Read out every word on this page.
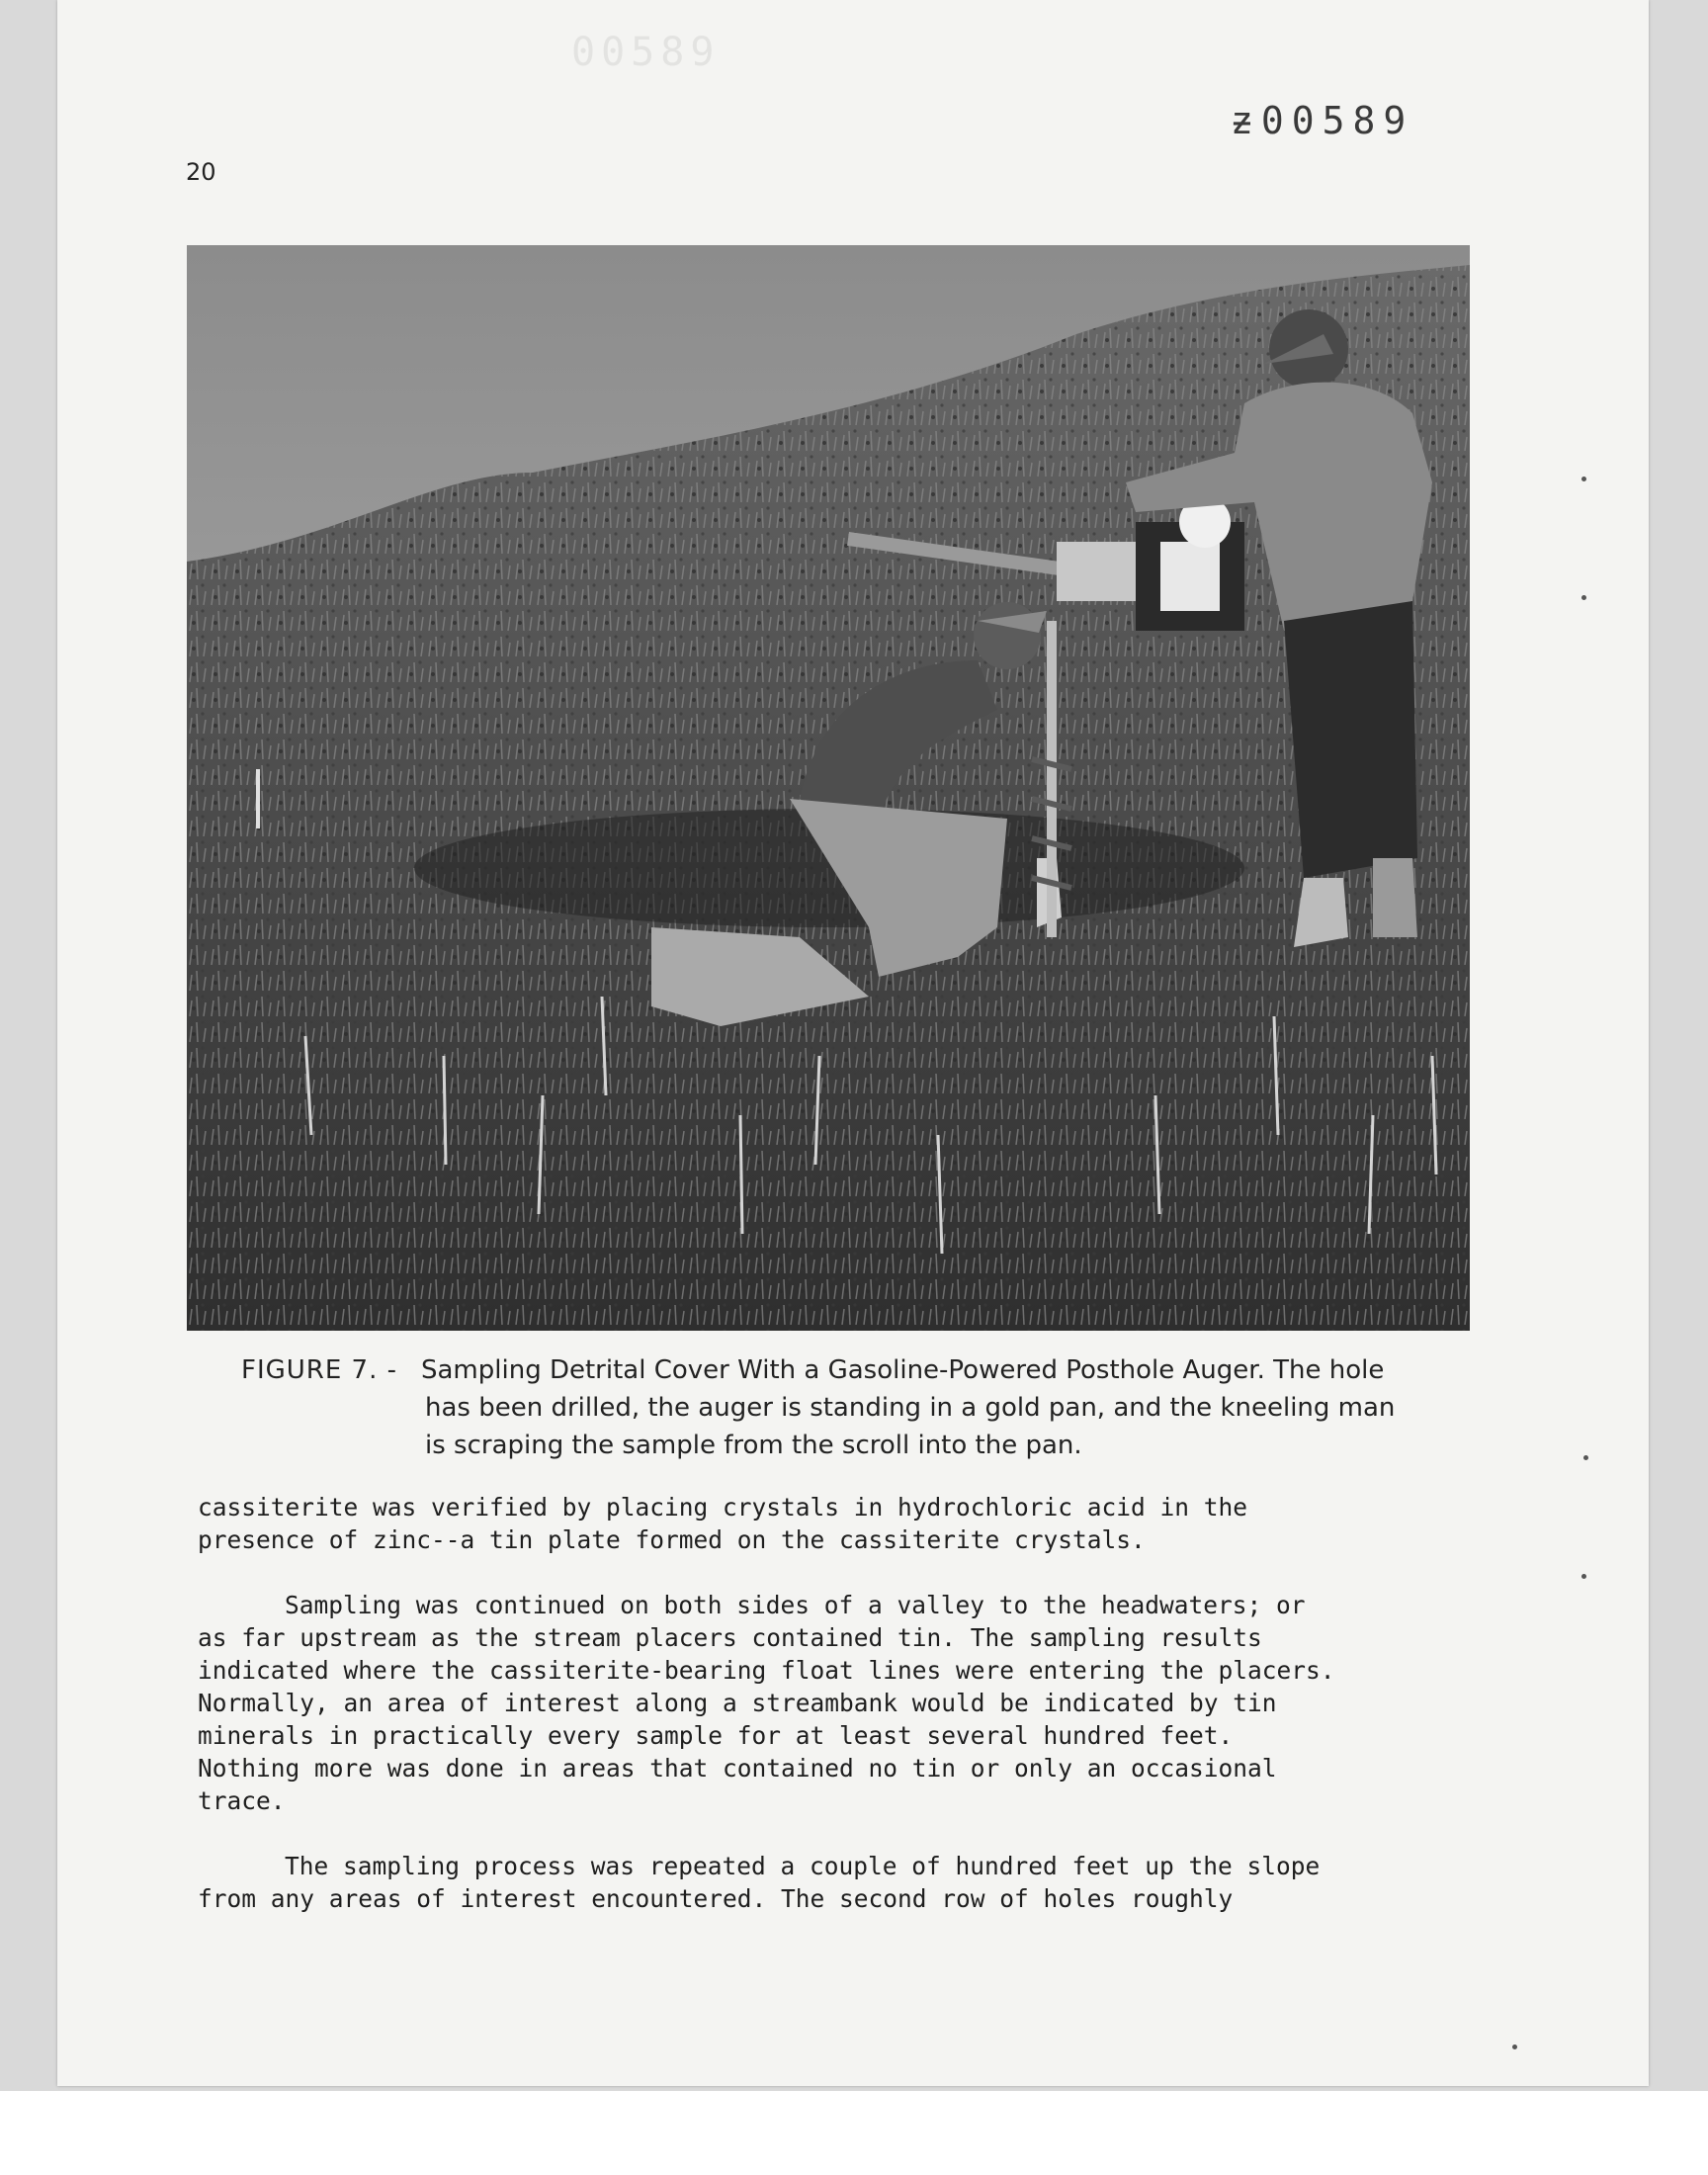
00589
ƶ00589
20
FIGURE 7. - Sampling Detrital Cover With a Gasoline-Powered Posthole Auger. The hole
has been drilled, the auger is standing in a gold pan, and the kneeling man
is scraping the sample from the scroll into the pan.
cassiterite was verified by placing crystals in hydrochloric acid in the
presence of zinc--a tin plate formed on the cassiterite crystals.
Sampling was continued on both sides of a valley to the headwaters; or
as far upstream as the stream placers contained tin. The sampling results
indicated where the cassiterite-bearing float lines were entering the placers.
Normally, an area of interest along a streambank would be indicated by tin
minerals in practically every sample for at least several hundred feet.
Nothing more was done in areas that contained no tin or only an occasional
trace.
The sampling process was repeated a couple of hundred feet up the slope
from any areas of interest encountered. The second row of holes roughly
